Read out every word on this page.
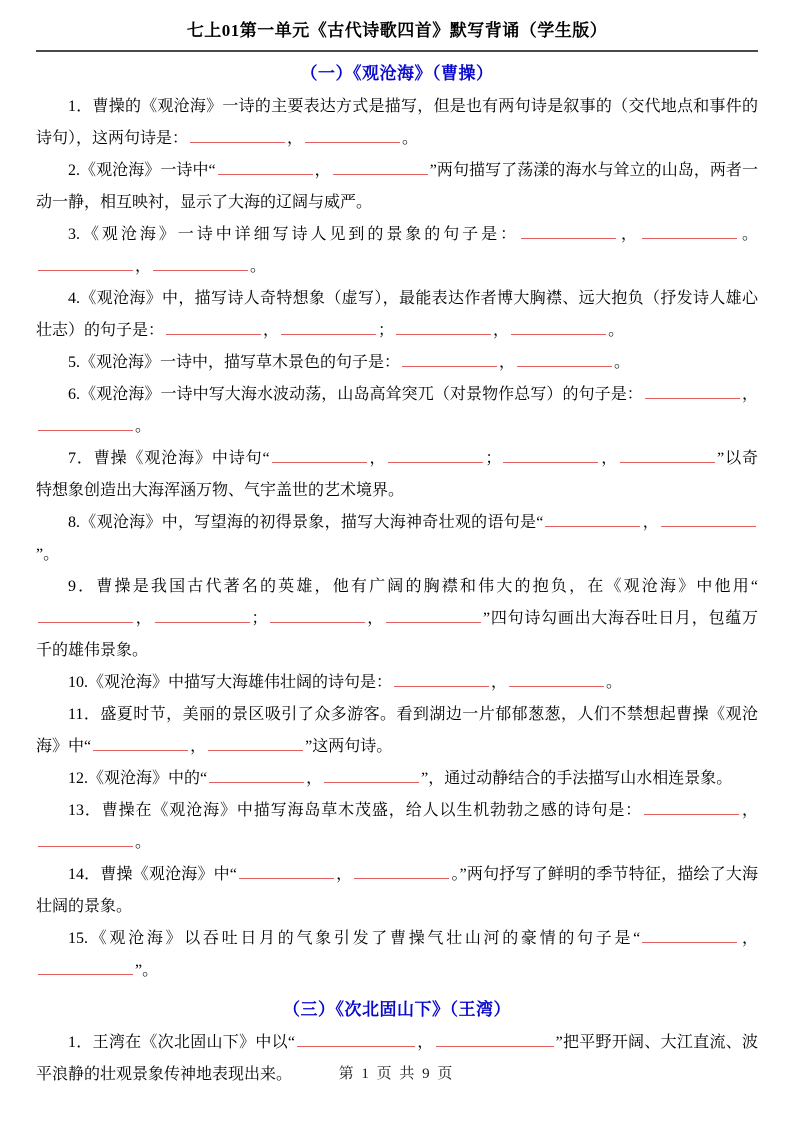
七上01第一单元《古代诗歌四首》默写背诵（学生版）
（一）《观沧海》（曹操）

1．曹操的《观沧海》一诗的主要表达方式是描写，但是也有两句诗是叙事的（交代地点和事件的诗句），这两句诗是：	，	。

2.《观沧海》一诗中“	，	”两句描写了荡漾的海水与耸立的山岛，两者一动一静，相互映衬，显示了大海的辽阔与威严。

3.《观沧海》一诗中详细写诗人见到的景象的句子是：	，	。，	。

4.《观沧海》中，描写诗人奇特想象（虚写），最能表达作者博大胸襟、远大抱负（抒发诗人雄心壮志）的句子是：	，	；	，	。

5.《观沧海》一诗中，描写草木景色的句子是：	，	。

6.《观沧海》一诗中写大海水波动荡，山岛高耸突兀（对景物作总写）的句子是：	，。

7．曹操《观沧海》中诗句“	，	；	，	”以奇特想象创造出大海浑涵万物、气宇盖世的艺术境界。

8.《观沧海》中，写望海的初得景象，描写大海神奇壮观的语句是“	，”。

9．曹操是我国古代著名的英雄，他有广阔的胸襟和伟大的抱负，在《观沧海》中他用“，	；	，	”四句诗勾画出大海吞吐日月，包蕴万千的雄伟景象。

10.《观沧海》中描写大海雄伟壮阔的诗句是：	，	。

11．盛夏时节，美丽的景区吸引了众多游客。看到湖边一片郁郁葱葱，人们不禁想起曹操《观沧海》中“	，	”这两句诗。

12.《观沧海》中的“	，	”，通过动静结合的手法描写山水相连景象。

13．曹操在《观沧海》中描写海岛草木茂盛，给人以生机勃勃之感的诗句是：	，。

14．曹操《观沧海》中“	，	。”两句抒写了鲜明的季节特征，描绘了大海壮阔的景象。

15.《观沧海》以吞吐日月的气象引发了曹操气壮山河的豪情的句子是“	，”。

（三）《次北固山下》（王湾）

1．王湾在《次北固山下》中以“	，	”把平野开阔、大江直流、波平浪静的壮观景象传神地表现出来。	第 1 页 共 9 页
